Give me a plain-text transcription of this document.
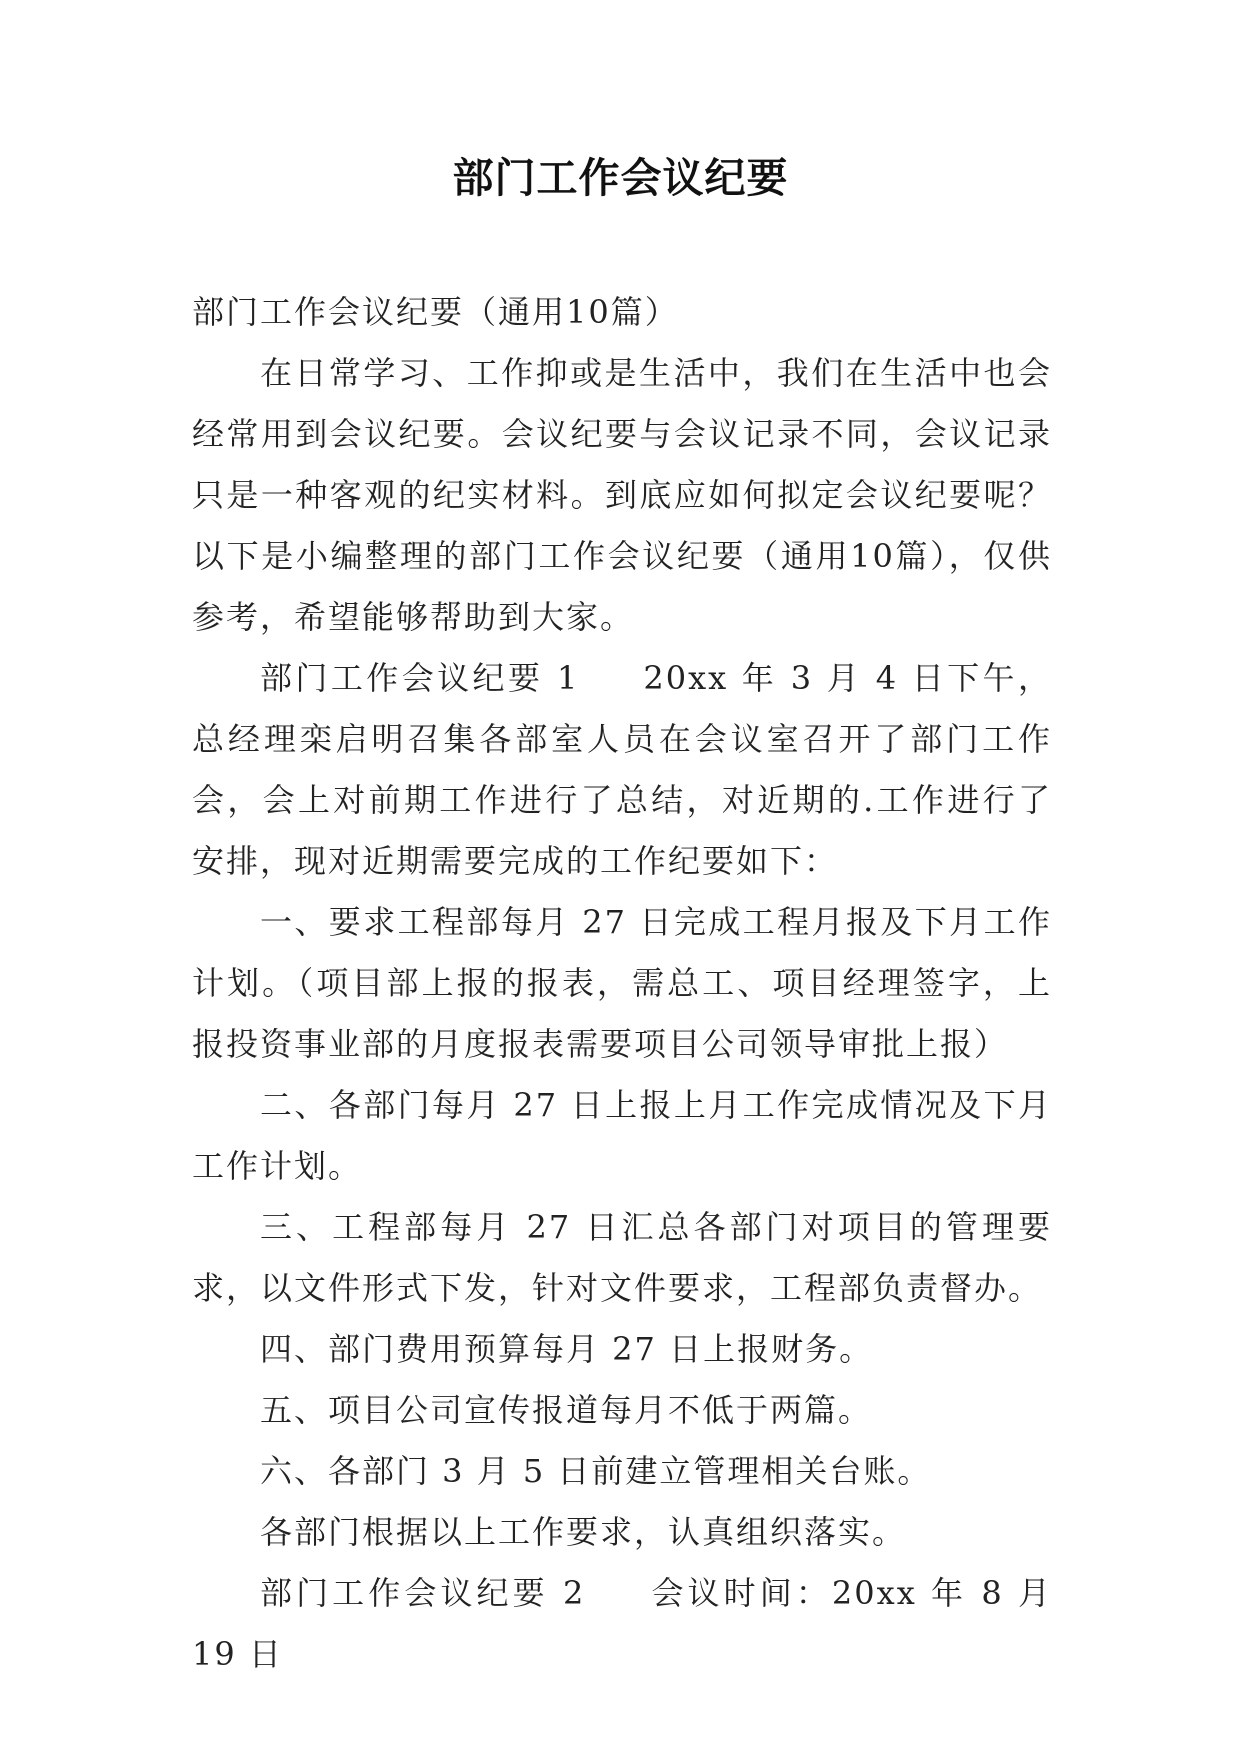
部门工作会议纪要

部门工作会议纪要（通用10篇）

在日常学习、工作抑或是生活中，我们在生活中也会经常用到会议纪要。会议纪要与会议记录不同，会议记录只是一种客观的纪实材料。到底应如何拟定会议纪要呢？以下是小编整理的部门工作会议纪要（通用10篇），仅供参考，希望能够帮助到大家。

部门工作会议纪要 1 20xx 年 3 月 4 日下午，总经理栾启明召集各部室人员在会议室召开了部门工作会，会上对前期工作进行了总结，对近期的.工作进行了安排，现对近期需要完成的工作纪要如下：

一、要求工程部每月 27 日完成工程月报及下月工作计划。（项目部上报的报表，需总工、项目经理签字，上报投资事业部的月度报表需要项目公司领导审批上报）

二、各部门每月 27 日上报上月工作完成情况及下月工作计划。

三、工程部每月 27 日汇总各部门对项目的管理要求，以文件形式下发，针对文件要求，工程部负责督办。

四、部门费用预算每月 27 日上报财务。

五、项目公司宣传报道每月不低于两篇。

六、各部门 3 月 5 日前建立管理相关台账。

各部门根据以上工作要求，认真组织落实。

部门工作会议纪要 2 会议时间：20xx 年 8 月 19 日
